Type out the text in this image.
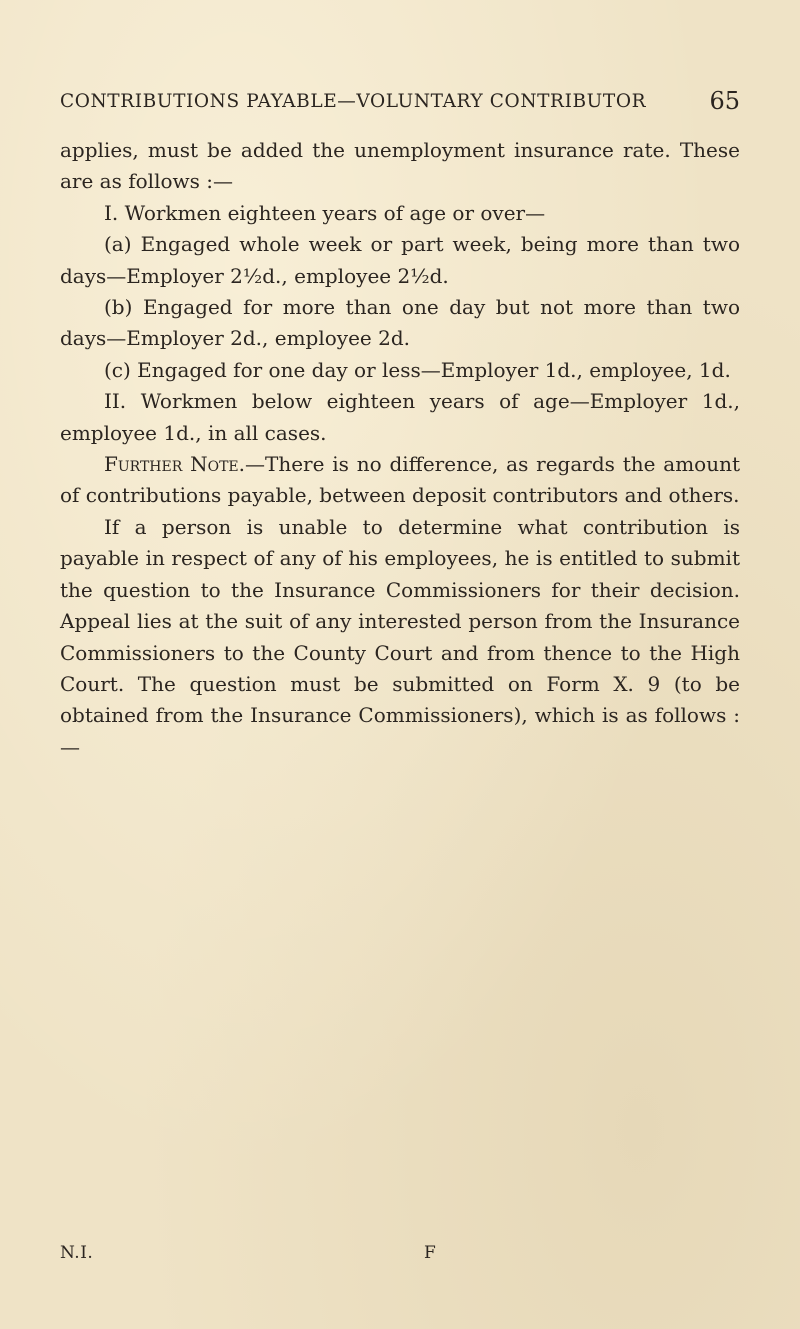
CONTRIBUTIONS PAYABLE—VOLUNTARY CONTRIBUTOR	65

applies, must be added the unemployment insurance rate. These are as follows :—

I. Workmen eighteen years of age or over—

(a) Engaged whole week or part week, being more than two days—Employer 2½d., employee 2½d.

(b) Engaged for more than one day but not more than two days—Employer 2d., employee 2d.

(c) Engaged for one day or less—Employer 1d., employee, 1d.

II. Workmen below eighteen years of age—Employer 1d., employee 1d., in all cases.

Further Note.—There is no difference, as regards the amount of contributions payable, between deposit contributors and others.

If a person is unable to determine what contribution is payable in respect of any of his employees, he is entitled to submit the question to the Insurance Commissioners for their decision. Appeal lies at the suit of any interested person from the Insurance Commissioners to the County Court and from thence to the High Court. The question must be submitted on Form X. 9 (to be obtained from the Insurance Commissioners), which is as follows :—

N.I.	F
